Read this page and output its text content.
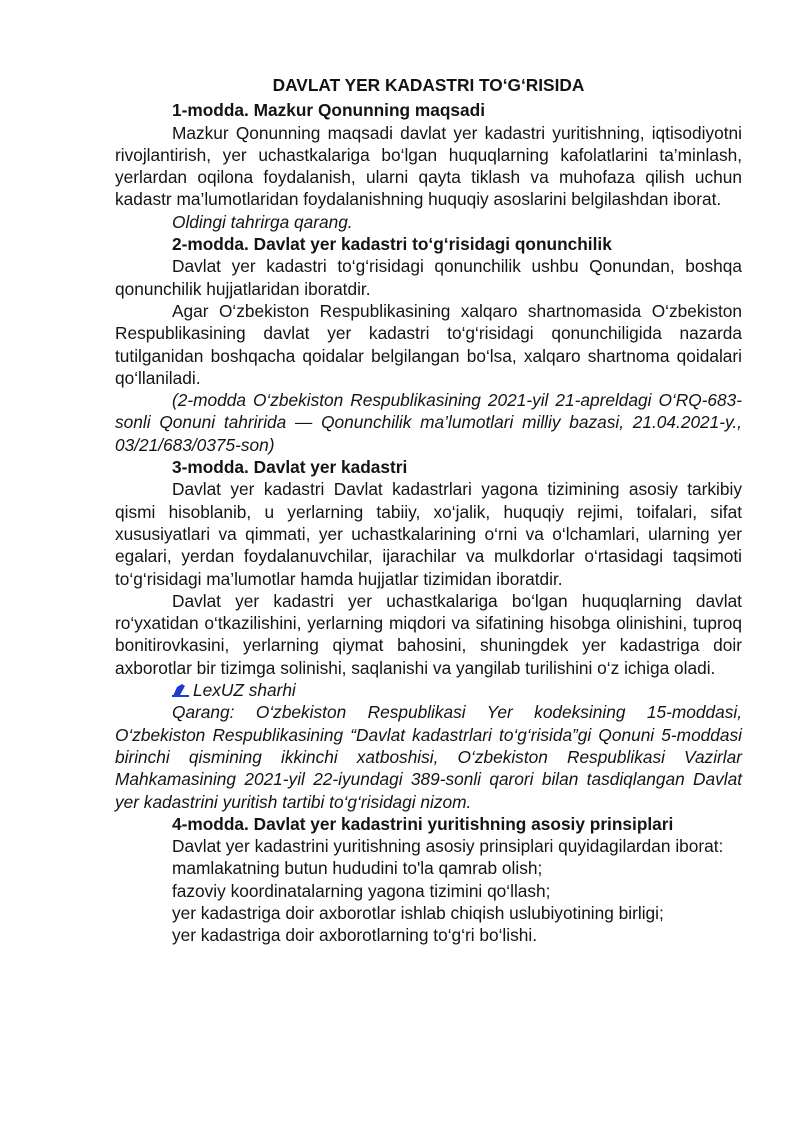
DAVLAT YER KADASTRI TO‘G‘RISIDA
1-modda. Mazkur Qonunning maqsadi
Mazkur Qonunning maqsadi davlat yer kadastri yuritishning, iqtisodiyotni rivojlantirish, yer uchastkalariga bo‘lgan huquqlarning kafolatlarini ta’minlash, yerlardan oqilona foydalanish, ularni qayta tiklash va muhofaza qilish uchun kadastr ma’lumotlaridan foydalanishning huquqiy asoslarini belgilashdan iborat.
Oldingi tahrirga qarang.
2-modda. Davlat yer kadastri to‘g‘risidagi qonunchilik
Davlat yer kadastri to‘g‘risidagi qonunchilik ushbu Qonundan, boshqa qonunchilik hujjatlaridan iboratdir.
Agar O‘zbekiston Respublikasining xalqaro shartnomasida O‘zbekiston Respublikasining davlat yer kadastri to‘g‘risidagi qonunchiligida nazarda tutilganidan boshqacha qoidalar belgilangan bo‘lsa, xalqaro shartnoma qoidalari qo‘llaniladi.
(2-modda O‘zbekiston Respublikasining 2021-yil 21-apreldagi O‘RQ-683-sonli Qonuni tahririda — Qonunchilik ma’lumotlari milliy bazasi, 21.04.2021-y., 03/21/683/0375-son)
3-modda. Davlat yer kadastri
Davlat yer kadastri Davlat kadastrlari yagona tizimining asosiy tarkibiy qismi hisoblanib, u yerlarning tabiiy, xo‘jalik, huquqiy rejimi, toifalari, sifat xususiyatlari va qimmati, yer uchastkalarining o‘rni va o‘lchamlari, ularning yer egalari, yerdan foydalanuvchilar, ijarachilar va mulkdorlar o‘rtasidagi taqsimoti to‘g‘risidagi ma’lumotlar hamda hujjatlar tizimidan iboratdir.
Davlat yer kadastri yer uchastkalariga bo‘lgan huquqlarning davlat ro‘yxatidan o‘tkazilishini, yerlarning miqdori va sifatining hisobga olinishini, tuproq bonitirovkasini, yerlarning qiymat bahosini, shuningdek yer kadastriga doir axborotlar bir tizimga solinishi, saqlanishi va yangilab turilishini o‘z ichiga oladi.
LexUZ sharhi
Qarang: O‘zbekiston Respublikasi Yer kodeksining 15-moddasi, O‘zbekiston Respublikasining “Davlat kadastrlari to‘g‘risida”gi Qonuni 5-moddasi birinchi qismining ikkinchi xatboshisi, O‘zbekiston Respublikasi Vazirlar Mahkamasining 2021-yil 22-iyundagi 389-sonli qarori bilan tasdiqlangan Davlat yer kadastrini yuritish tartibi to‘g‘risidagi nizom.
4-modda. Davlat yer kadastrini yuritishning asosiy prinsiplari
Davlat yer kadastrini yuritishning asosiy prinsiplari quyidagilardan iborat:
mamlakatning butun hududini to'la qamrab olish;
fazoviy koordinatalarning yagona tizimini qo‘llash;
yer kadastriga doir axborotlar ishlab chiqish uslubiyotining birligi;
yer kadastriga doir axborotlarning to‘g‘ri bo‘lishi.
